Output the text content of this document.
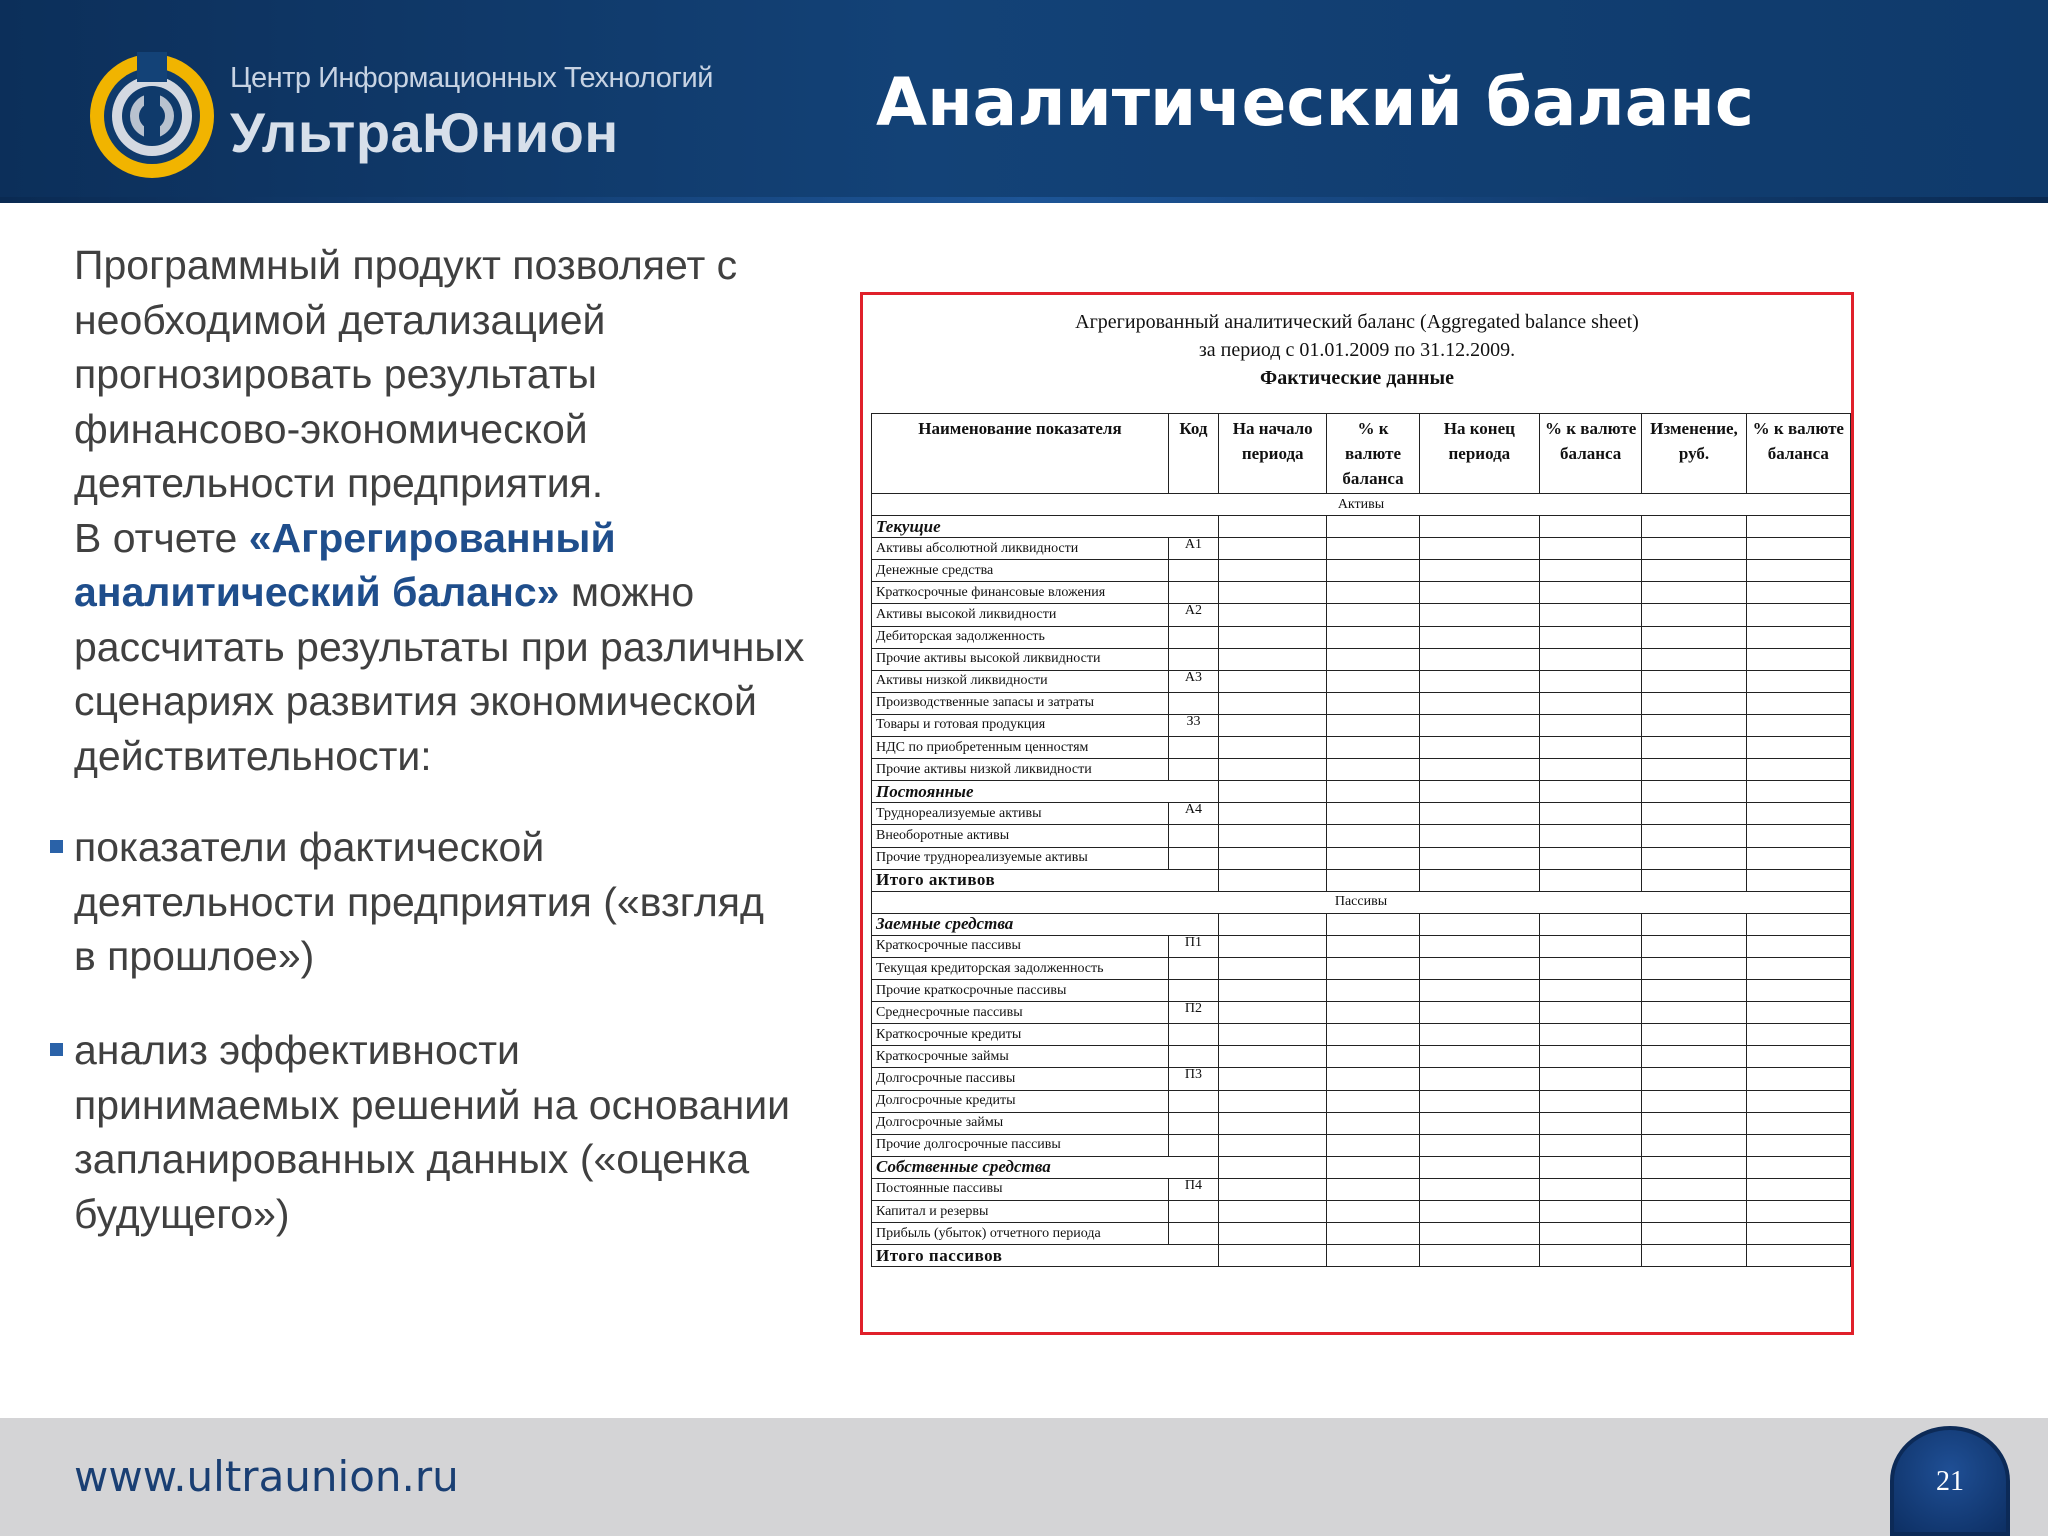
Центр Информационных Технологий
УльтраЮнион	Аналитический баланс
Программный продукт позволяет с необходимой детализацией прогнозировать результаты финансово-экономической деятельности предприятия.
В отчете «Агрегированный аналитический баланс» можно рассчитать результаты при различных сценариях развития экономической действительности:
показатели фактической деятельности предприятия («взгляд в прошлое»)
анализ эффективности принимаемых решений на основании запланированных данных («оценка будущего»)
Агрегированный аналитический баланс (Aggregated balance sheet)
за период с 01.01.2009 по 31.12.2009.
Фактические данные
Наименование показателя	Код	На начало периода	% к валюте баланса	На конец периода	% к валюте баланса	Изменение, руб.	% к валюте баланса
Активы							
Текущие							
Активы абсолютной ликвидности	А1						
Денежные средства							
Краткосрочные финансовые вложения							
Активы высокой ликвидности	А2						
Дебиторская задолженность							
Прочие активы высокой ликвидности							
Активы низкой ликвидности	А3						
Производственные запасы и затраты							
Товары и готовая продукция	З3						
НДС по приобретенным ценностям							
Прочие активы низкой ликвидности							
Постоянные							
Труднореализуемые активы	А4						
Внеоборотные активы							
Прочие труднореализуемые активы							
Итого активов							
Пассивы							
Заемные средства							
Краткосрочные пассивы	П1						
Текущая кредиторская задолженность							
Прочие краткосрочные пассивы							
Среднесрочные пассивы	П2						
Краткосрочные кредиты							
Краткосрочные займы							
Долгосрочные пассивы	П3						
Долгосрочные кредиты							
Долгосрочные займы							
Прочие долгосрочные пассивы							
Собственные средства							
Постоянные пассивы	П4						
Капитал и резервы							
Прибыль (убыток) отчетного периода							
Итого пассивов							
www.ultraunion.ru	21
